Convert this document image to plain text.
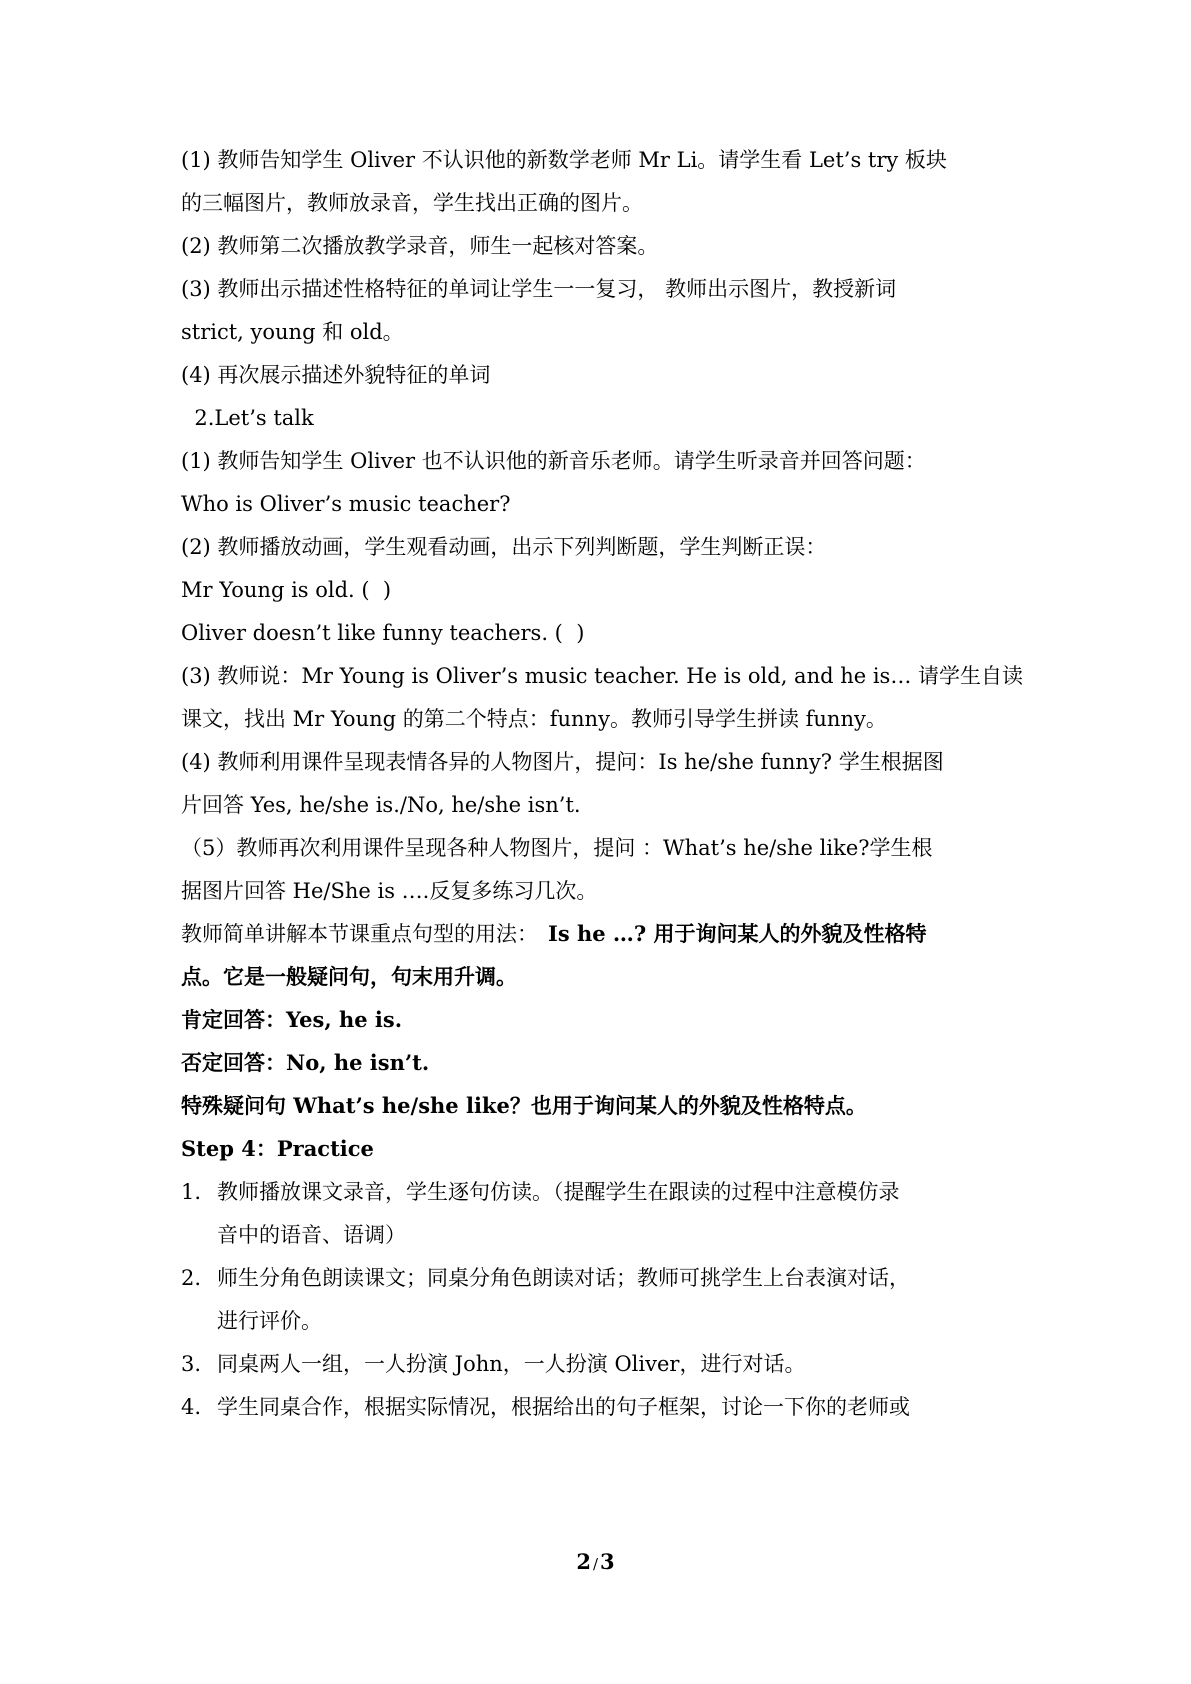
(1) 教师告知学生 Oliver 不认识他的新数学老师 Mr Li。请学生看 Let’s try 板块
的三幅图片，教师放录音，学生找出正确的图片。
(2) 教师第二次播放教学录音，师生一起核对答案。
(3) 教师出示描述性格特征的单词让学生一一复习， 教师出示图片，教授新词
strict, young 和 old。
(4) 再次展示描述外貌特征的单词
2.Let’s talk
(1) 教师告知学生 Oliver 也不认识他的新音乐老师。请学生听录音并回答问题：
Who is Oliver’s music teacher?
(2) 教师播放动画，学生观看动画，出示下列判断题，学生判断正误：
Mr Young is old. (  )
Oliver doesn’t like funny teachers. (  )
(3) 教师说：Mr Young is Oliver’s music teacher. He is old, and he is… 请学生自读
课文，找出 Mr Young 的第二个特点：funny。教师引导学生拼读 funny。
(4) 教师利用课件呈现表情各异的人物图片，提问：Is he/she funny? 学生根据图
片回答 Yes, he/she is./No, he/she isn’t.
（5）教师再次利用课件呈现各种人物图片，提问 ：What’s he/she like?学生根
据图片回答 He/She is ….反复多练习几次。
教师简单讲解本节课重点句型的用法： Is he …? 用于询问某人的外貌及性格特
点。它是一般疑问句，句末用升调。
肯定回答：Yes, he is.
否定回答：No, he isn’t.
特殊疑问句 What’s he/she like？也用于询问某人的外貌及性格特点。
Step 4：Practice
1. 教师播放课文录音，学生逐句仿读。（提醒学生在跟读的过程中注意模仿录
音中的语音、语调）
2. 师生分角色朗读课文；同桌分角色朗读对话；教师可挑学生上台表演对话，
进行评价。
3. 同桌两人一组，一人扮演 John，一人扮演 Oliver，进行对话。
4. 学生同桌合作，根据实际情况，根据给出的句子框架，讨论一下你的老师或
2 /3
